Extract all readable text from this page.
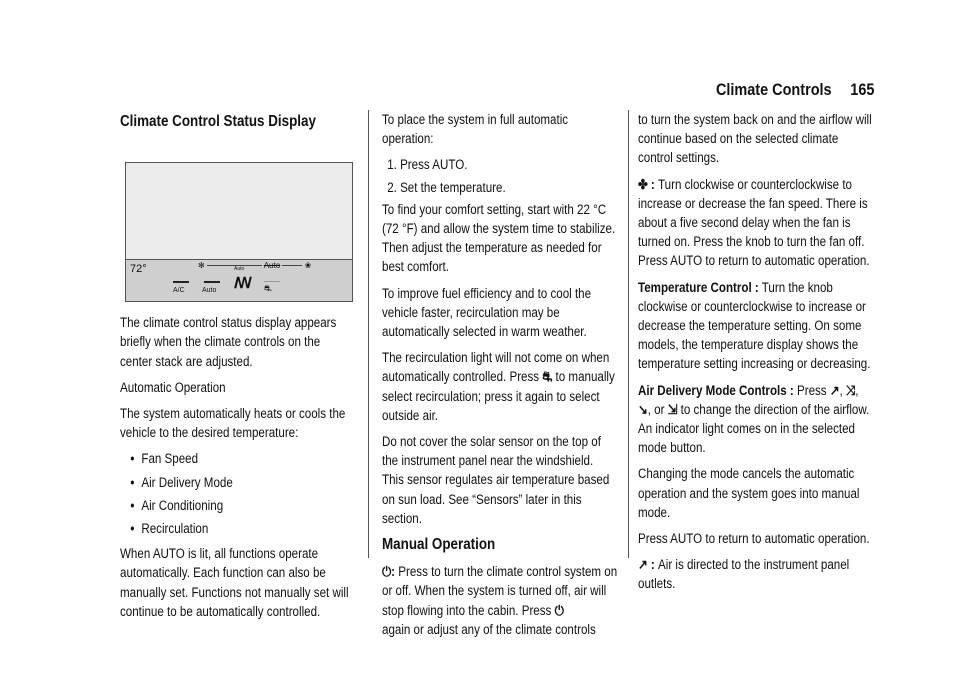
Climate Controls 165
72°	✻	Auto	❀
A/C Auto
Auto
ꟿ ⛐
Climate Control Status Display

The climate control status display appears briefly when the climate controls on the center stack are adjusted.

Automatic Operation

The system automatically heats or cools the vehicle to the desired temperature:

• Fan Speed
• Air Delivery Mode
• Air Conditioning
• Recirculation

When AUTO is lit, all functions operate automatically. Each function can also be manually set. Functions not manually set will continue to be automatically controlled.

To place the system in full automatic operation:

1. Press AUTO.

2. Set the temperature.

To find your comfort setting, start with 22 °C (72 °F) and allow the system time to stabilize. Then adjust the temperature as needed for best comfort.

To improve fuel efficiency and to cool the vehicle faster, recirculation may be automatically selected in warm weather.

The recirculation light will not come on when automatically controlled. Press ⛐ to manually select recirculation; press it again to select outside air.

Do not cover the solar sensor on the top of the instrument panel near the windshield. This sensor regulates air temperature based on sun load. See “Sensors” later in this section.

Manual Operation

⏻: Press to turn the climate control system on or off. When the system is turned off, air will stop flowing into the cabin. Press ⏻
again or adjust any of the climate controls

to turn the system back on and the airflow will continue based on the selected climate control settings.

✤ : Turn clockwise or counterclockwise to increase or decrease the fan speed. There is about a five second delay when the fan is turned on. Press the knob to turn the fan off. Press AUTO to return to automatic operation.

Temperature Control : Turn the knob clockwise or counterclockwise to increase or decrease the temperature setting. On some models, the temperature display shows the temperature setting increasing or decreasing.

Air Delivery Mode Controls : Press ↗, ⤨,
↘, or ⇲ to change the direction of the airflow. An indicator light comes on in the selected mode button.

Changing the mode cancels the automatic operation and the system goes into manual mode.

Press AUTO to return to automatic operation.

↗ : Air is directed to the instrument panel outlets.
